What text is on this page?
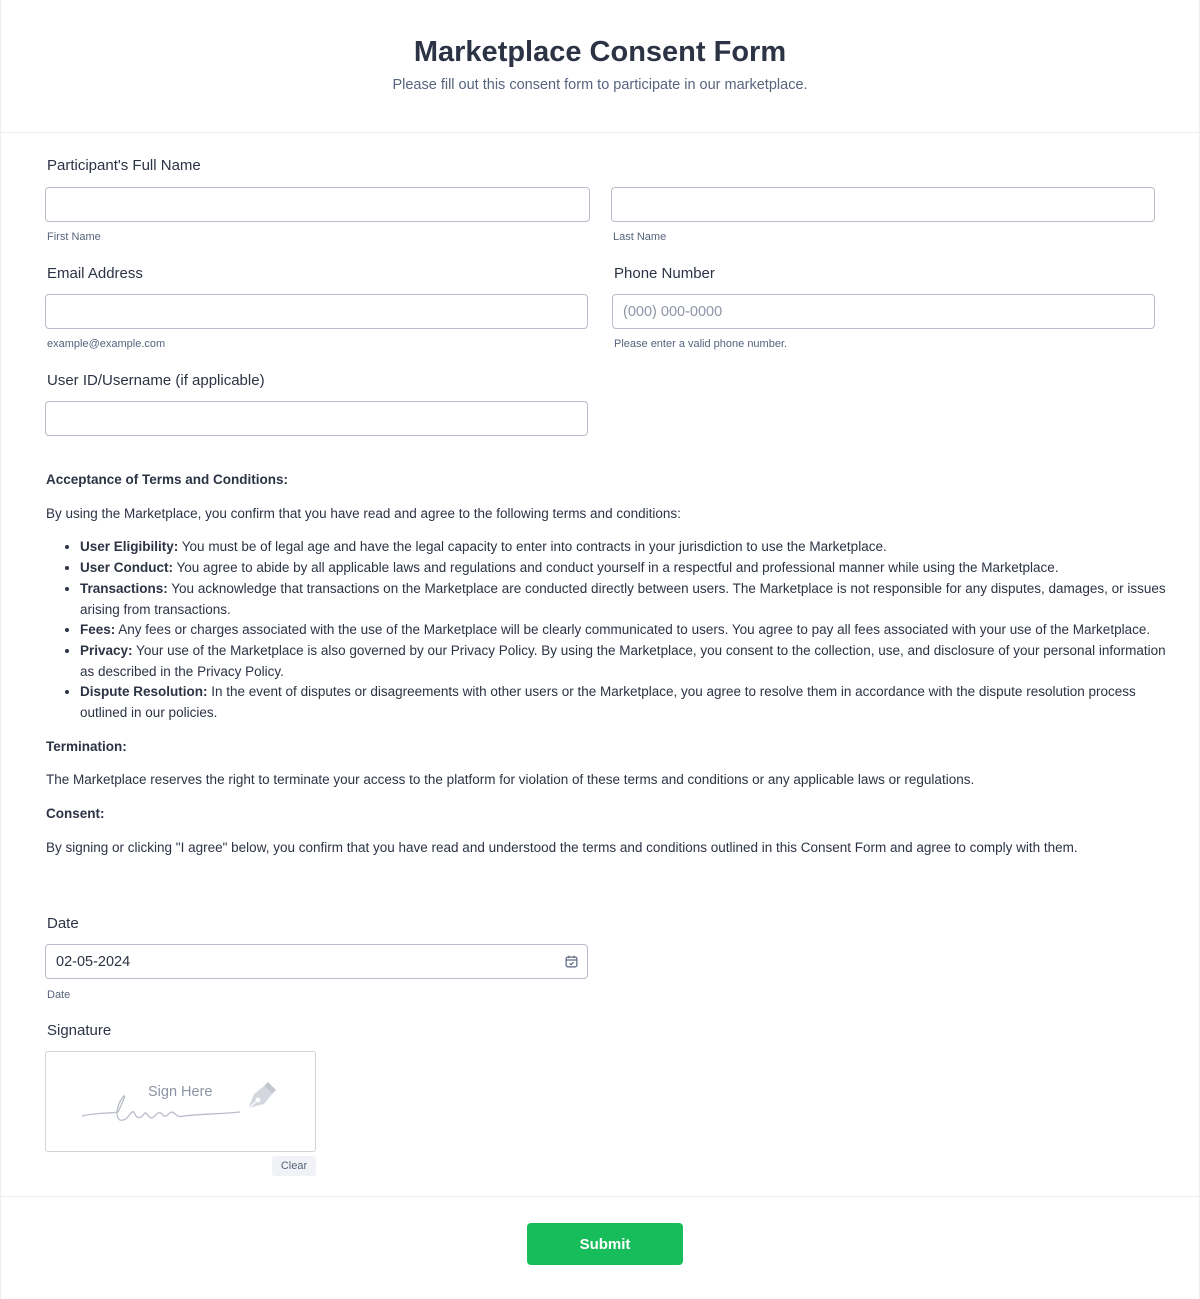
Marketplace Consent Form
Please fill out this consent form to participate in our marketplace.
Participant's Full Name
First Name	Last Name
Email Address
example@example.com
Phone Number
(000) 000-0000
Please enter a valid phone number.
User ID/Username (if applicable)
Acceptance of Terms and Conditions:

By using the Marketplace, you confirm that you have read and agree to the following terms and conditions:

• User Eligibility: You must be of legal age and have the legal capacity to enter into contracts in your jurisdiction to use the Marketplace.
• User Conduct: You agree to abide by all applicable laws and regulations and conduct yourself in a respectful and professional manner while using the Marketplace.
• Transactions: You acknowledge that transactions on the Marketplace are conducted directly between users. The Marketplace is not responsible for any disputes, damages, or issues arising from transactions.
• Fees: Any fees or charges associated with the use of the Marketplace will be clearly communicated to users. You agree to pay all fees associated with your use of the Marketplace.
• Privacy: Your use of the Marketplace is also governed by our Privacy Policy. By using the Marketplace, you consent to the collection, use, and disclosure of your personal information as described in the Privacy Policy.
• Dispute Resolution: In the event of disputes or disagreements with other users or the Marketplace, you agree to resolve them in accordance with the dispute resolution process outlined in our policies.
Termination:

The Marketplace reserves the right to terminate your access to the platform for violation of these terms and conditions or any applicable laws or regulations.

Consent:

By signing or clicking "I agree" below, you confirm that you have read and understood the terms and conditions outlined in this Consent Form and agree to comply with them.

Date
02-05-2024
Date
Signature
Sign Here
Clear
Submit
